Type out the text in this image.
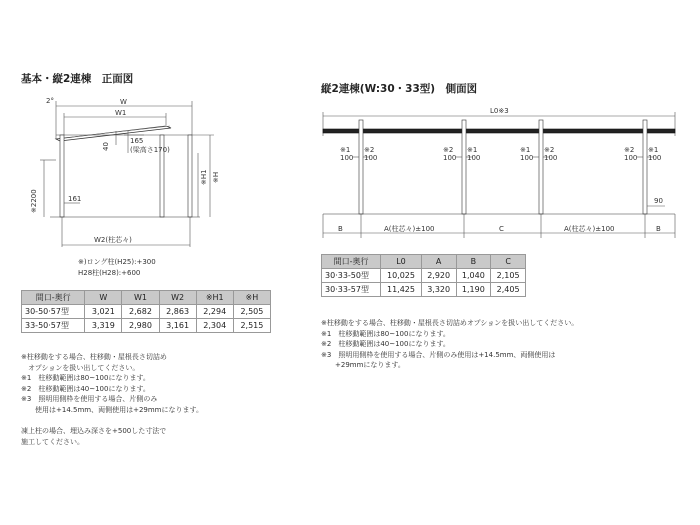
基本・縦2連棟　正面図
2°	W
W1
165
(梁高さ170)
40
※2200
※H1 ※H
161
W2(柱芯々)
※)ロング柱(H25):+300
H28柱(H28):+600
間口-奥行	W	W1	W2	※H1	※H
30-50·57型	3,021	2,682	2,863	2,294	2,505
33-50·57型	3,319	2,980	3,161	2,304	2,515
※柱移動をする場合、柱移動・屋根長さ切詰め
　オプションを扱い出してください。
※1　柱移動範囲は80~100になります。
※2　柱移動範囲は40~100になります。
※3　照明用側枠を使用する場合、片側のみ
　　使用は+14.5mm、両側使用は+29mmになります。
凍上柱の場合、埋込み深さを+500した寸法で
施工してください。
縦2連棟(W:30・33型)　側面図
L0※3
※1
100
※2
100
※2
100
※1
100
※1
100
※2
100
※2
100
※1
100
90
B	A(柱芯々)±100	C	A(柱芯々)±100	B
間口-奥行	L0	A	B	C
30·33-50型	10,025	2,920	1,040	2,105
30·33-57型	11,425	3,320	1,190	2,405
※柱移動をする場合、柱移動・屋根長さ切詰めオプションを扱い出してください。
※1　柱移動範囲は80~100になります。
※2　柱移動範囲は40~100になります。
※3　照明用側枠を使用する場合、片側のみ使用は+14.5mm、両側使用は
　　+29mmになります。
